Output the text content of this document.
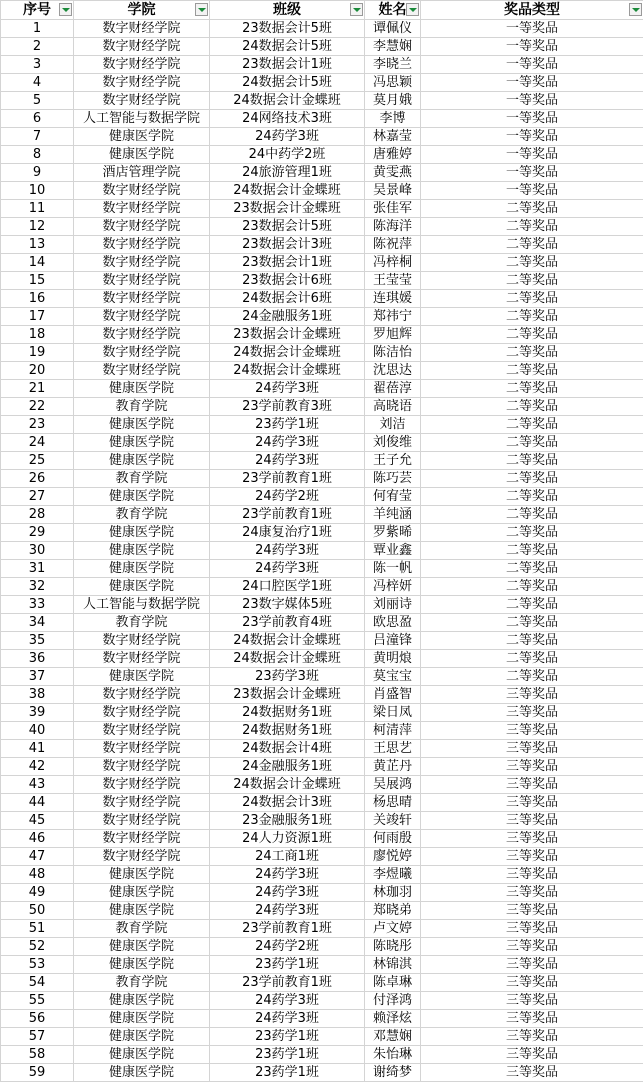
序号	学院	班级	姓名	奖品类型

1	数字财经学院	23数据会计5班	谭佩仪	一等奖品
2	数字财经学院	24数据会计5班	李慧娴	一等奖品
3	数字财经学院	23数据会计1班	李晓兰	一等奖品
4	数字财经学院	24数据会计5班	冯思颖	一等奖品
5	数字财经学院	24数据会计金蝶班	莫月娥	一等奖品
6	人工智能与数据学院	24网络技术3班	李博	一等奖品
7	健康医学院	24药学3班	林嘉莹	一等奖品
8	健康医学院	24中药学2班	唐雅婷	一等奖品
9	酒店管理学院	24旅游管理1班	黄雯燕	一等奖品
10	数字财经学院	24数据会计金蝶班	吴景峰	一等奖品
11	数字财经学院	23数据会计金蝶班	张佳军	二等奖品
12	数字财经学院	23数据会计5班	陈海洋	二等奖品
13	数字财经学院	23数据会计3班	陈祝萍	二等奖品
14	数字财经学院	23数据会计1班	冯梓桐	二等奖品
15	数字财经学院	23数据会计6班	王莹莹	二等奖品
16	数字财经学院	24数据会计6班	连琪媛	二等奖品
17	数字财经学院	24金融服务1班	郑祎宁	二等奖品
18	数字财经学院	23数据会计金蝶班	罗旭辉	二等奖品
19	数字财经学院	24数据会计金蝶班	陈洁怡	二等奖品
20	数字财经学院	24数据会计金蝶班	沈思达	二等奖品
21	健康医学院	24药学3班	翟蓓淳	二等奖品
22	教育学院	23学前教育3班	高晓语	二等奖品
23	健康医学院	23药学1班	刘洁	二等奖品
24	健康医学院	24药学3班	刘俊维	二等奖品
25	健康医学院	24药学3班	王子允	二等奖品
26	教育学院	23学前教育1班	陈巧芸	二等奖品
27	健康医学院	24药学2班	何宥莹	二等奖品
28	教育学院	23学前教育1班	羊纯涵	二等奖品
29	健康医学院	24康复治疗1班	罗紫晞	二等奖品
30	健康医学院	24药学3班	覃业鑫	二等奖品
31	健康医学院	24药学3班	陈一帆	二等奖品
32	健康医学院	24口腔医学1班	冯梓妍	二等奖品
33	人工智能与数据学院	23数字媒体5班	刘丽诗	二等奖品
34	教育学院	23学前教育4班	欧思盈	二等奖品
35	数字财经学院	24数据会计金蝶班	吕潼锋	二等奖品
36	数字财经学院	24数据会计金蝶班	黄明烺	二等奖品
37	健康医学院	23药学3班	莫宝宝	二等奖品
38	数字财经学院	23数据会计金蝶班	肖盛智	三等奖品
39	数字财经学院	24数据财务1班	梁日凤	三等奖品
40	数字财经学院	24数据财务1班	柯清萍	三等奖品
41	数字财经学院	24数据会计4班	王思艺	三等奖品
42	数字财经学院	24金融服务1班	黄芷丹	三等奖品
43	数字财经学院	24数据会计金蝶班	吴展鸿	三等奖品
44	数字财经学院	24数据会计3班	杨思晴	三等奖品
45	数字财经学院	23金融服务1班	关竣轩	三等奖品
46	数字财经学院	24人力资源1班	何雨殷	三等奖品
47	数字财经学院	24工商1班	廖悦婷	三等奖品
48	健康医学院	24药学3班	李煜曦	三等奖品
49	健康医学院	24药学3班	林珈羽	三等奖品
50	健康医学院	24药学3班	郑晓弟	三等奖品
51	教育学院	23学前教育1班	卢文婷	三等奖品
52	健康医学院	24药学2班	陈晓彤	三等奖品
53	健康医学院	23药学1班	林锦淇	三等奖品
54	教育学院	23学前教育1班	陈卓琳	三等奖品
55	健康医学院	24药学3班	付泽鸿	三等奖品
56	健康医学院	24药学3班	赖泽炫	三等奖品
57	健康医学院	23药学1班	邓慧娴	三等奖品
58	健康医学院	23药学1班	朱怡琳	三等奖品
59	健康医学院	23药学1班	谢绮梦	三等奖品
